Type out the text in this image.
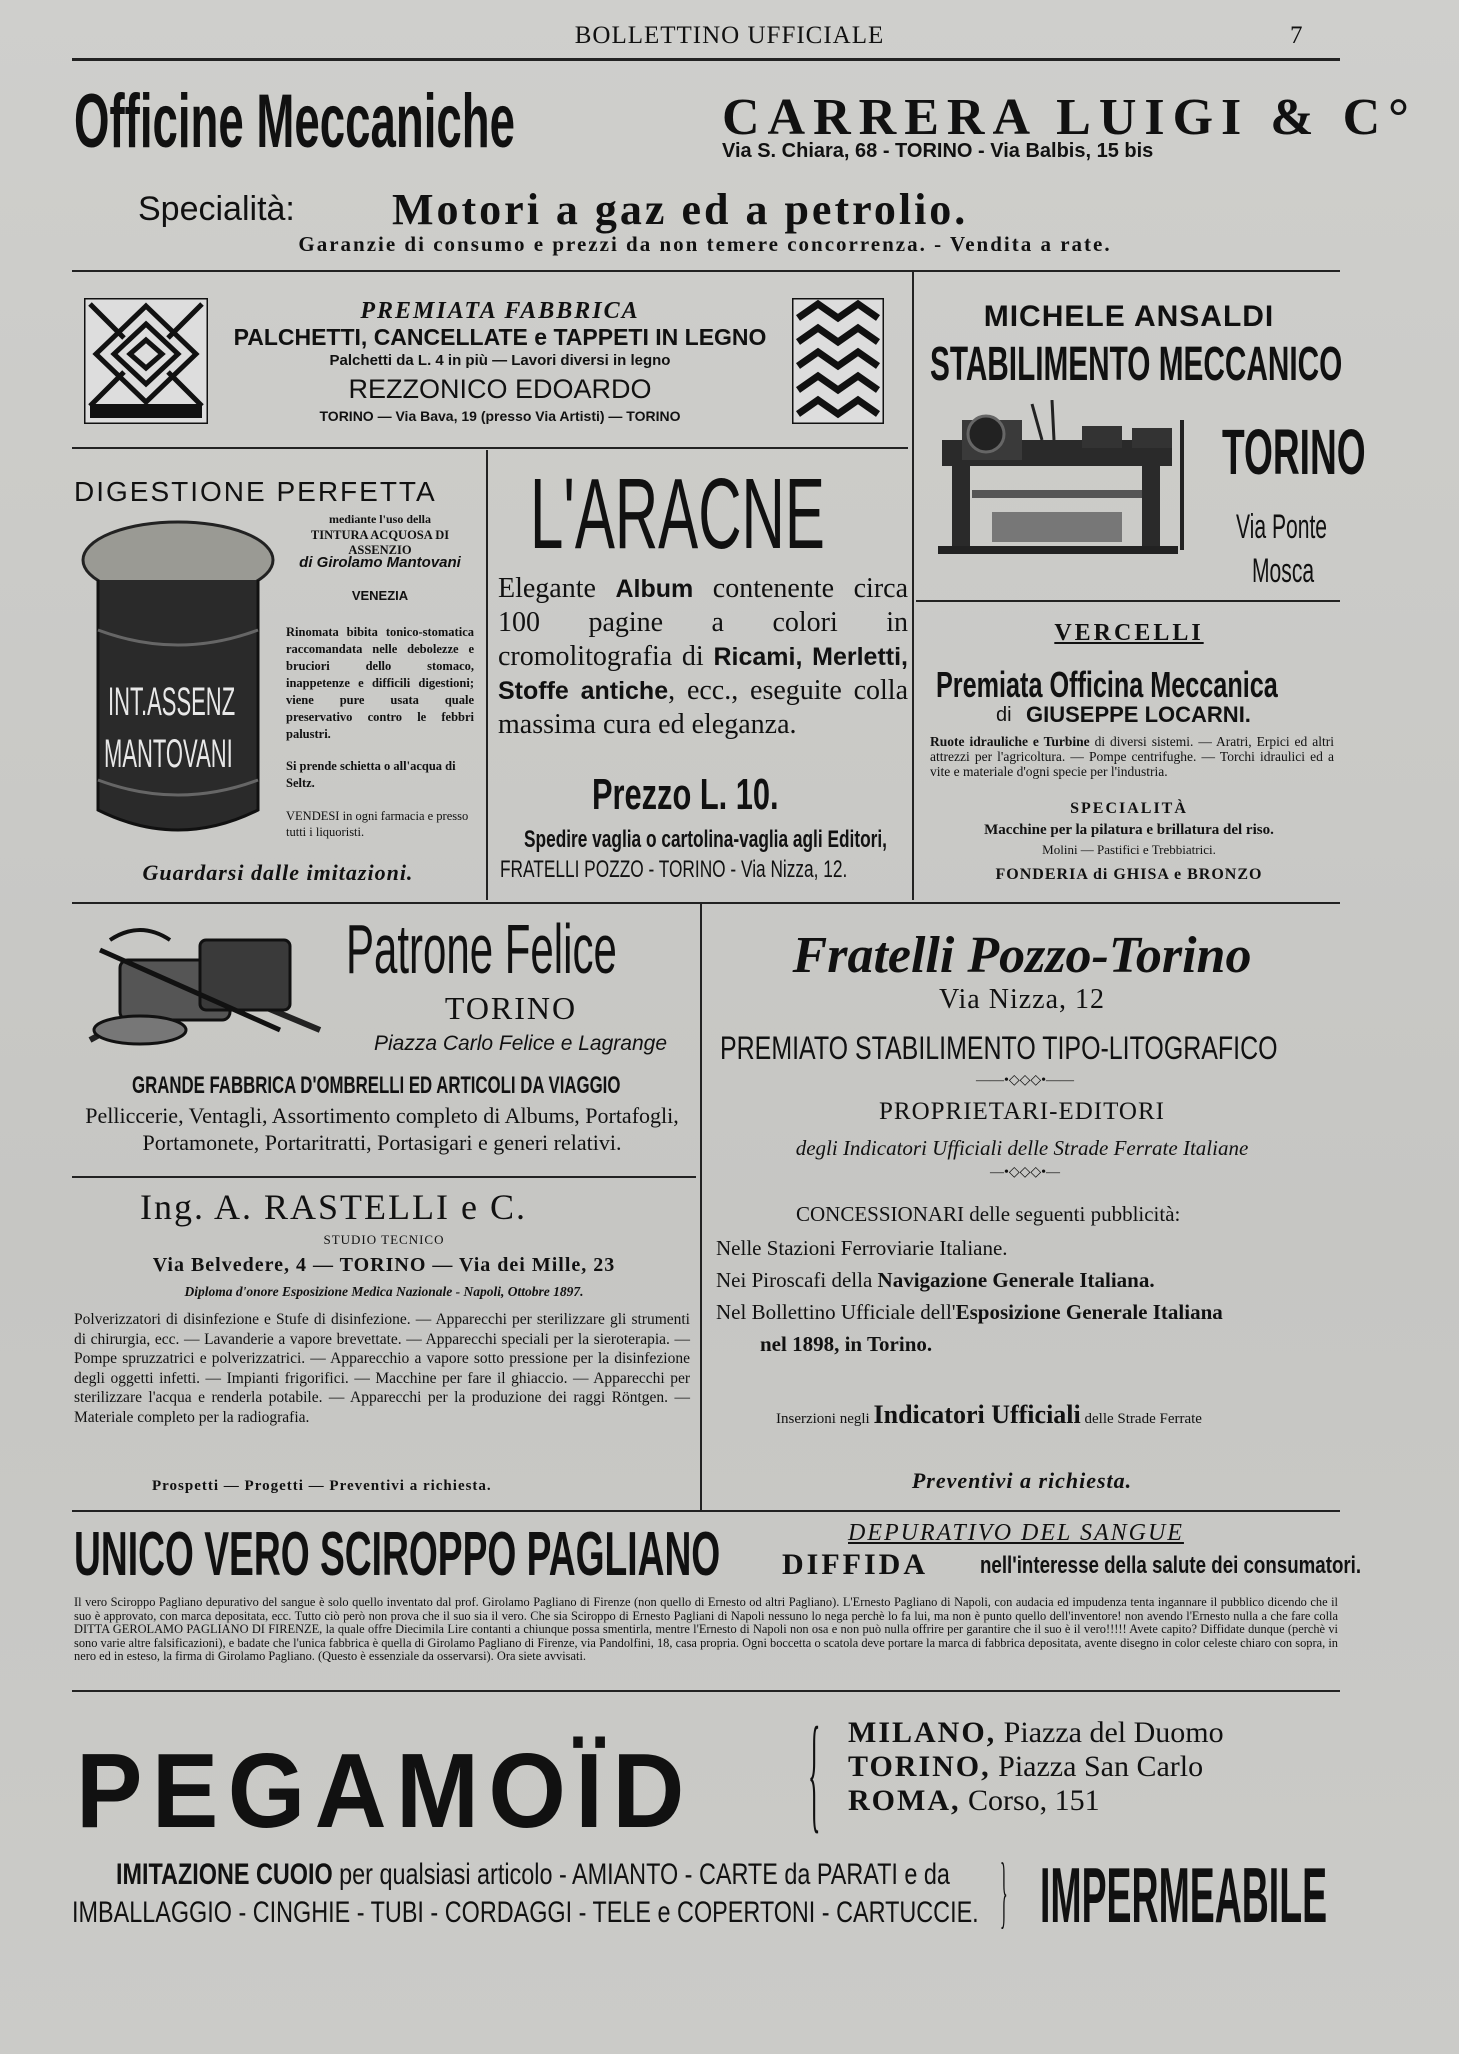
BOLLETTINO UFFICIALE	7
Officine Meccaniche	CARRERA LUIGI & C°
Via S. Chiara, 68 - TORINO - Via Balbis, 15 bis
Specialità: Motori a gaz ed a petrolio.
Garanzie di consumo e prezzi da non temere concorrenza. - Vendita a rate.
PREMIATA FABBRICA
PALCHETTI, CANCELLATE e TAPPETI IN LEGNO
Palchetti da L. 4 in più — Lavori diversi in legno
REZZONICO EDOARDO
TORINO — Via Bava, 19 (presso Via Artisti) — TORINO
MICHELE ANSALDI
STABILIMENTO MECCANICO
TORINO
Via Ponte
Mosca
VERCELLI
Premiata Officina Meccanica
di GIUSEPPE LOCARNI.
Ruote idrauliche e Turbine di diversi sistemi. — Aratri, Erpici ed altri attrezzi per l'agricoltura. — Pompe centrifughe. — Torchi idraulici ed a vite e materiale d'ogni specie per l'industria.
SPECIALITÀ
Macchine per la pilatura e brillatura del riso.
Molini — Pastifici e Trebbiatrici.
FONDERIA di GHISA e BRONZO
DIGESTIONE PERFETTA
INT.ASSENZ
MANTOVANI
mediante l'uso della
TINTURA ACQUOSA DI ASSENZIO
di Girolamo Mantovani
VENEZIA
Rinomata bibita tonico-stomatica raccomandata nelle debolezze e bruciori dello stomaco, inappetenze e difficili digestioni; viene pure usata quale preservativo contro le febbri palustri.
Si prende schietta o all'acqua di Seltz.
VENDESI in ogni farmacia e presso tutti i liquoristi.
Guardarsi dalle imitazioni.
L'ARACNE
Elegante Album contenente circa 100 pagine a colori in cromolitografia di Ricami, Merletti, Stoffe antiche, ecc., eseguite colla massima cura ed eleganza.
Prezzo L. 10.
Spedire vaglia o cartolina-vaglia agli Editori,
FRATELLI POZZO - TORINO - Via Nizza, 12.
Patrone Felice
TORINO
Piazza Carlo Felice e Lagrange
GRANDE FABBRICA D'OMBRELLI ED ARTICOLI DA VIAGGIO
Pelliccerie, Ventagli, Assortimento completo di Albums, Portafogli, Portamonete, Portaritratti, Portasigari e generi relativi.
Ing. A. RASTELLI e C.
STUDIO TECNICO
Via Belvedere, 4 — TORINO — Via dei Mille, 23
Diploma d'onore Esposizione Medica Nazionale - Napoli, Ottobre 1897.
Polverizzatori di disinfezione e Stufe di disinfezione. — Apparecchi per sterilizzare gli strumenti di chirurgia, ecc. — Lavanderie a vapore brevettate. — Apparecchi speciali per la sieroterapia. — Pompe spruzzatrici e polverizzatrici. — Apparecchio a vapore sotto pressione per la disinfezione degli oggetti infetti. — Impianti frigorifici. — Macchine per fare il ghiaccio. — Apparecchi per sterilizzare l'acqua e renderla potabile. — Apparecchi per la produzione dei raggi Röntgen. — Materiale completo per la radiografia.
Prospetti — Progetti — Preventivi a richiesta.
Fratelli Pozzo-Torino
Via Nizza, 12
PREMIATO STABILIMENTO TIPO-LITOGRAFICO
——•◇◇◇•——
PROPRIETARI-EDITORI
degli Indicatori Ufficiali delle Strade Ferrate Italiane
—•◇◇◇•—
CONCESSIONARI delle seguenti pubblicità:
Nelle Stazioni Ferroviarie Italiane.
Nei Piroscafi della Navigazione Generale Italiana.
Nel Bollettino Ufficiale dell'Esposizione Generale Italiana
nel 1898, in Torino.
Inserzioni negli Indicatori Ufficiali delle Strade Ferrate
Preventivi a richiesta.
UNICO VERO SCIROPPO PAGLIANO	DEPURATIVO DEL SANGUE
DIFFIDA nell'interesse della salute dei consumatori.
Il vero Sciroppo Pagliano depurativo del sangue è solo quello inventato dal prof. Girolamo Pagliano di Firenze (non quello di Ernesto od altri Pagliano). L'Ernesto Pagliano di Napoli, con audacia ed impudenza tenta ingannare il pubblico dicendo che il suo è approvato, con marca depositata, ecc. Tutto ciò però non prova che il suo sia il vero. Che sia Sciroppo di Ernesto Pagliani di Napoli nessuno lo nega perchè lo fa lui, ma non è punto quello dell'inventore! non avendo l'Ernesto nulla a che fare colla DITTA GEROLAMO PAGLIANO DI FIRENZE, la quale offre Diecimila Lire contanti a chiunque possa smentirla, mentre l'Ernesto di Napoli non osa e non può nulla offrire per garantire che il suo è il vero!!!!! Avete capito? Diffidate dunque (perchè vi sono varie altre falsificazioni), e badate che l'unica fabbrica è quella di Girolamo Pagliano di Firenze, via Pandolfini, 18, casa propria. Ogni boccetta o scatola deve portare la marca di fabbrica depositata, avente disegno in color celeste chiaro con sopra, in nero ed in esteso, la firma di Girolamo Pagliano. (Questo è essenziale da osservarsi). Ora siete avvisati.
PEGAMOÏD { MILANO, Piazza del Duomo
TORINO, Piazza San Carlo
ROMA, Corso, 151
IMITAZIONE CUOIO per qualsiasi articolo - AMIANTO - CARTE da PARATI e da
IMBALLAGGIO - CINGHIE - TUBI - CORDAGGI - TELE e COPERTONI - CARTUCCIE. } IMPERMEABILE
